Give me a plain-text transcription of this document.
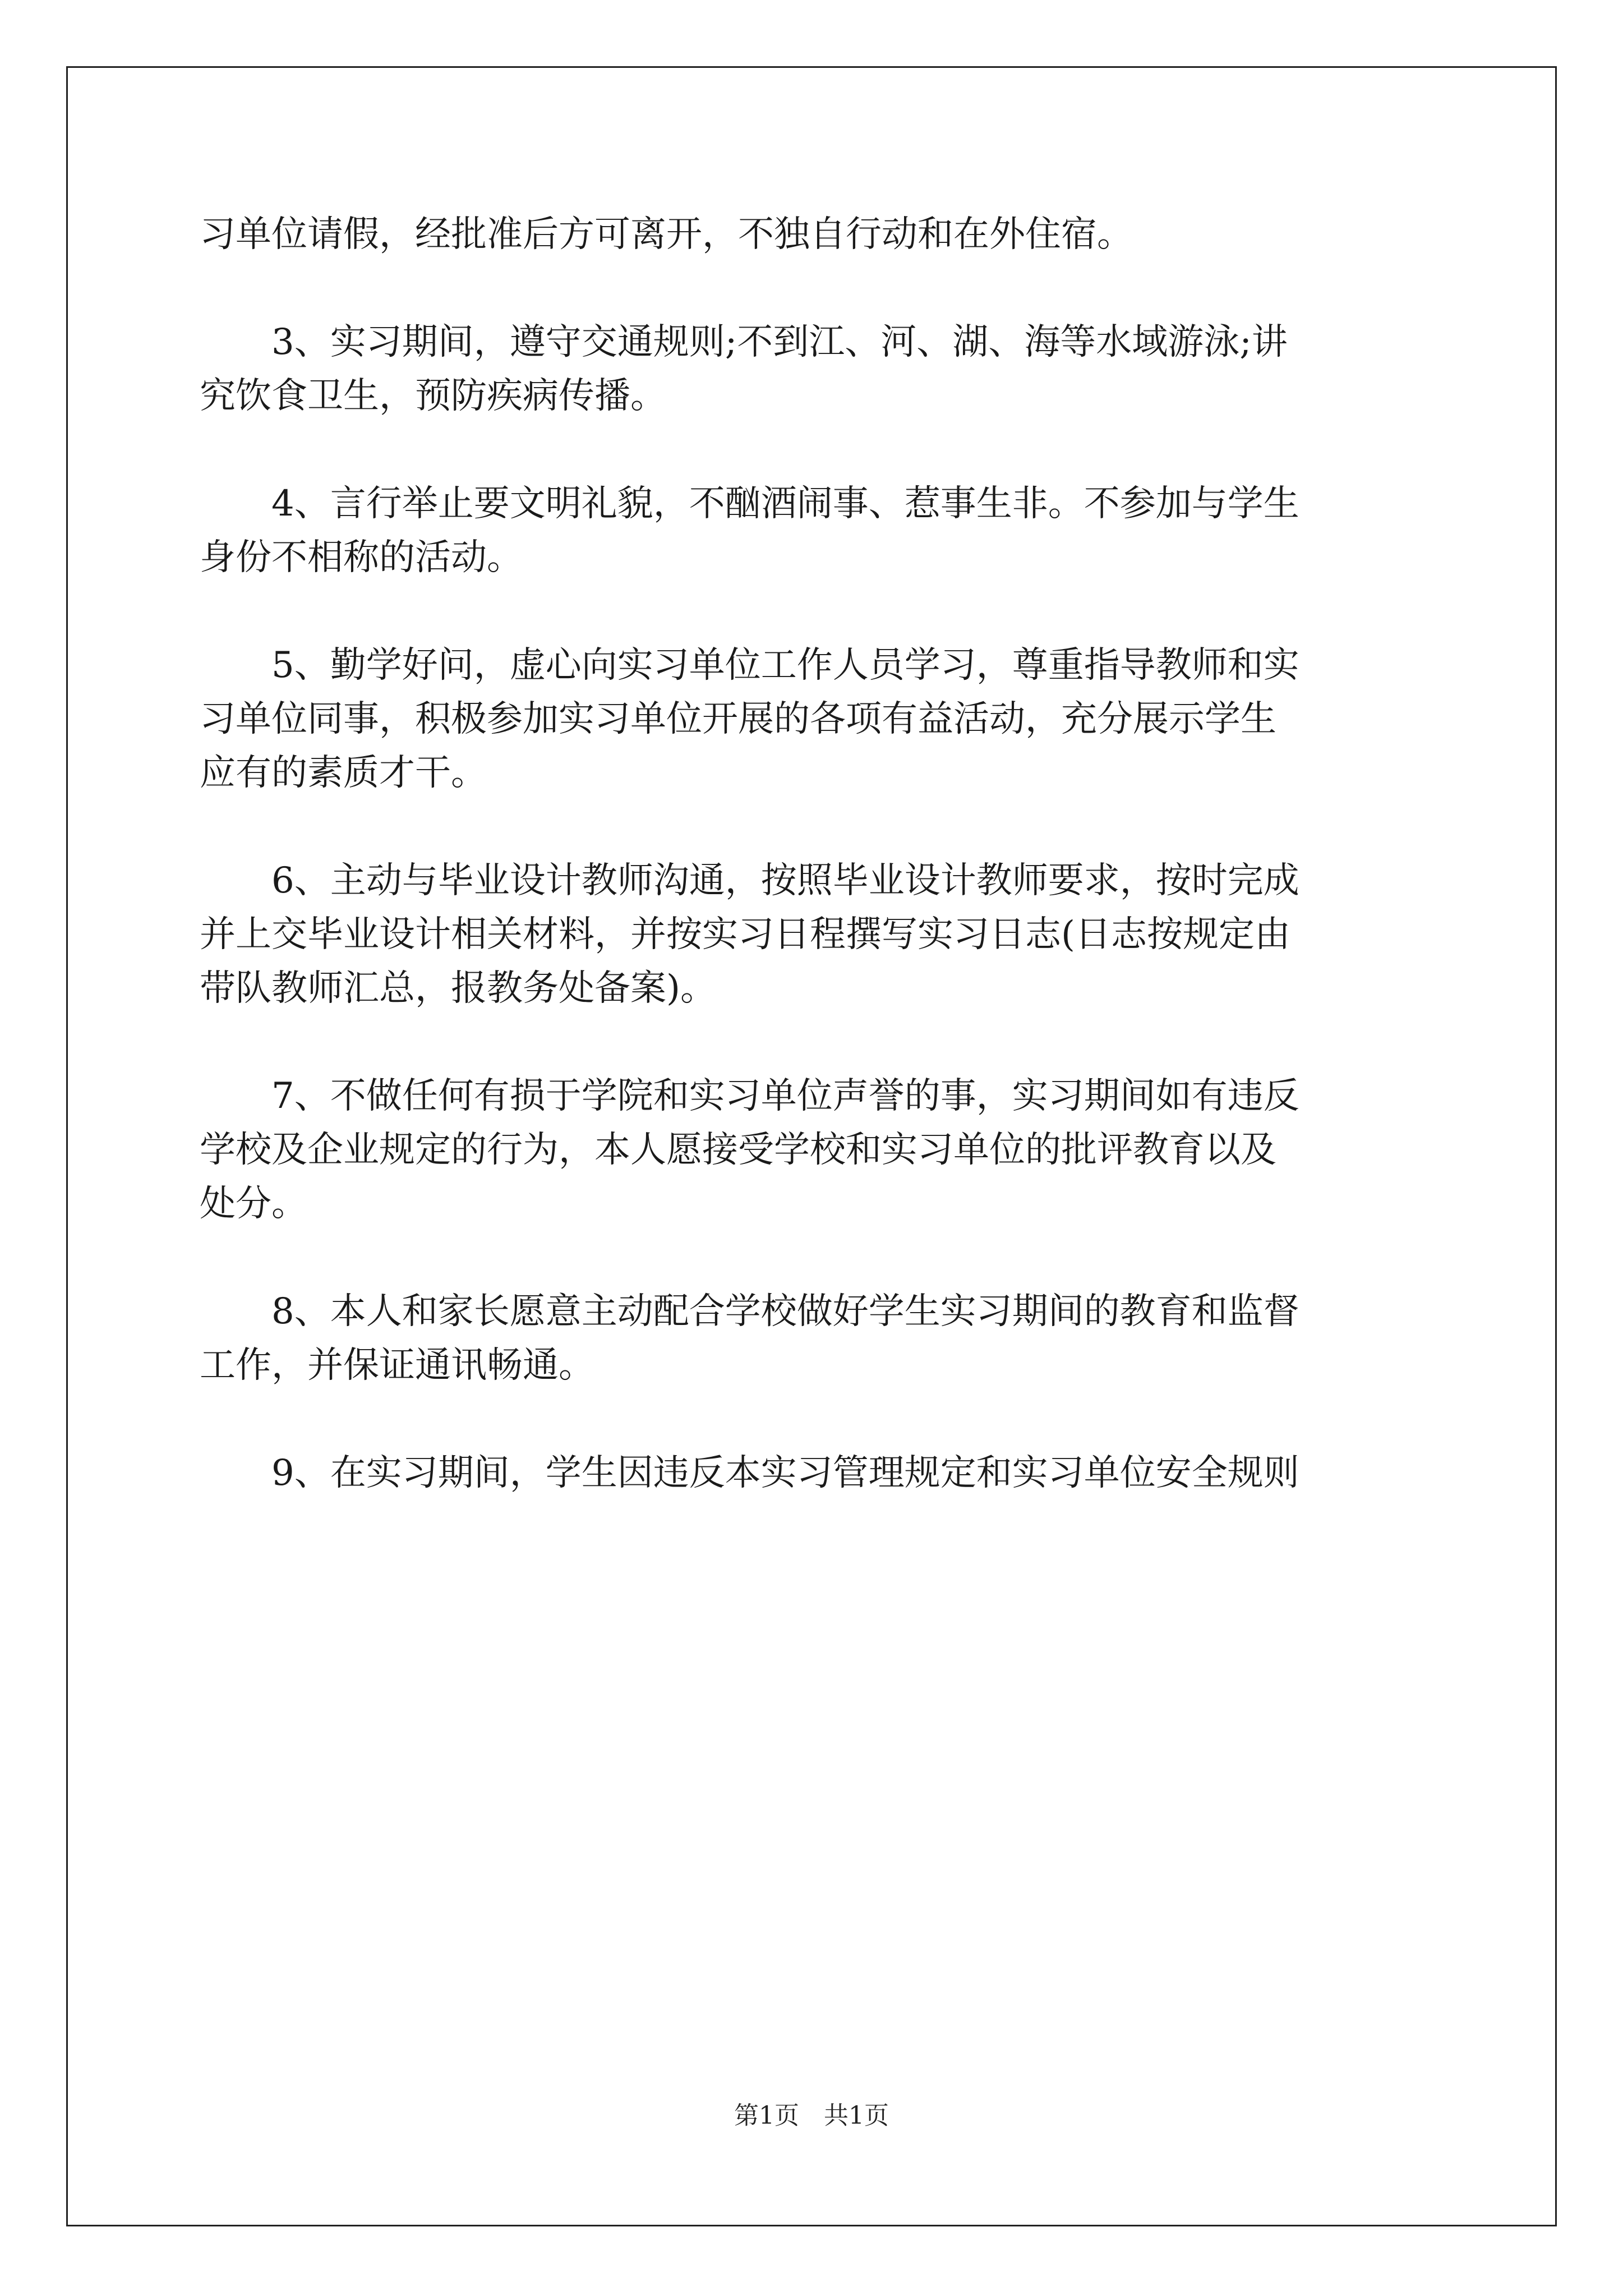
习单位请假，经批准后方可离开，不独自行动和在外住宿。
3、实习期间，遵守交通规则;不到江、河、湖、海等水域游泳;讲
究饮食卫生，预防疾病传播。
4、言行举止要文明礼貌，不酗酒闹事、惹事生非。不参加与学生
身份不相称的活动。
5、勤学好问，虚心向实习单位工作人员学习，尊重指导教师和实
习单位同事，积极参加实习单位开展的各项有益活动，充分展示学生
应有的素质才干。
6、主动与毕业设计教师沟通，按照毕业设计教师要求，按时完成
并上交毕业设计相关材料，并按实习日程撰写实习日志(日志按规定由
带队教师汇总，报教务处备案)。
7、不做任何有损于学院和实习单位声誉的事，实习期间如有违反
学校及企业规定的行为，本人愿接受学校和实习单位的批评教育以及
处分。
8、本人和家长愿意主动配合学校做好学生实习期间的教育和监督
工作，并保证通讯畅通。
9、在实习期间，学生因违反本实习管理规定和实习单位安全规则
第1页　共1页
